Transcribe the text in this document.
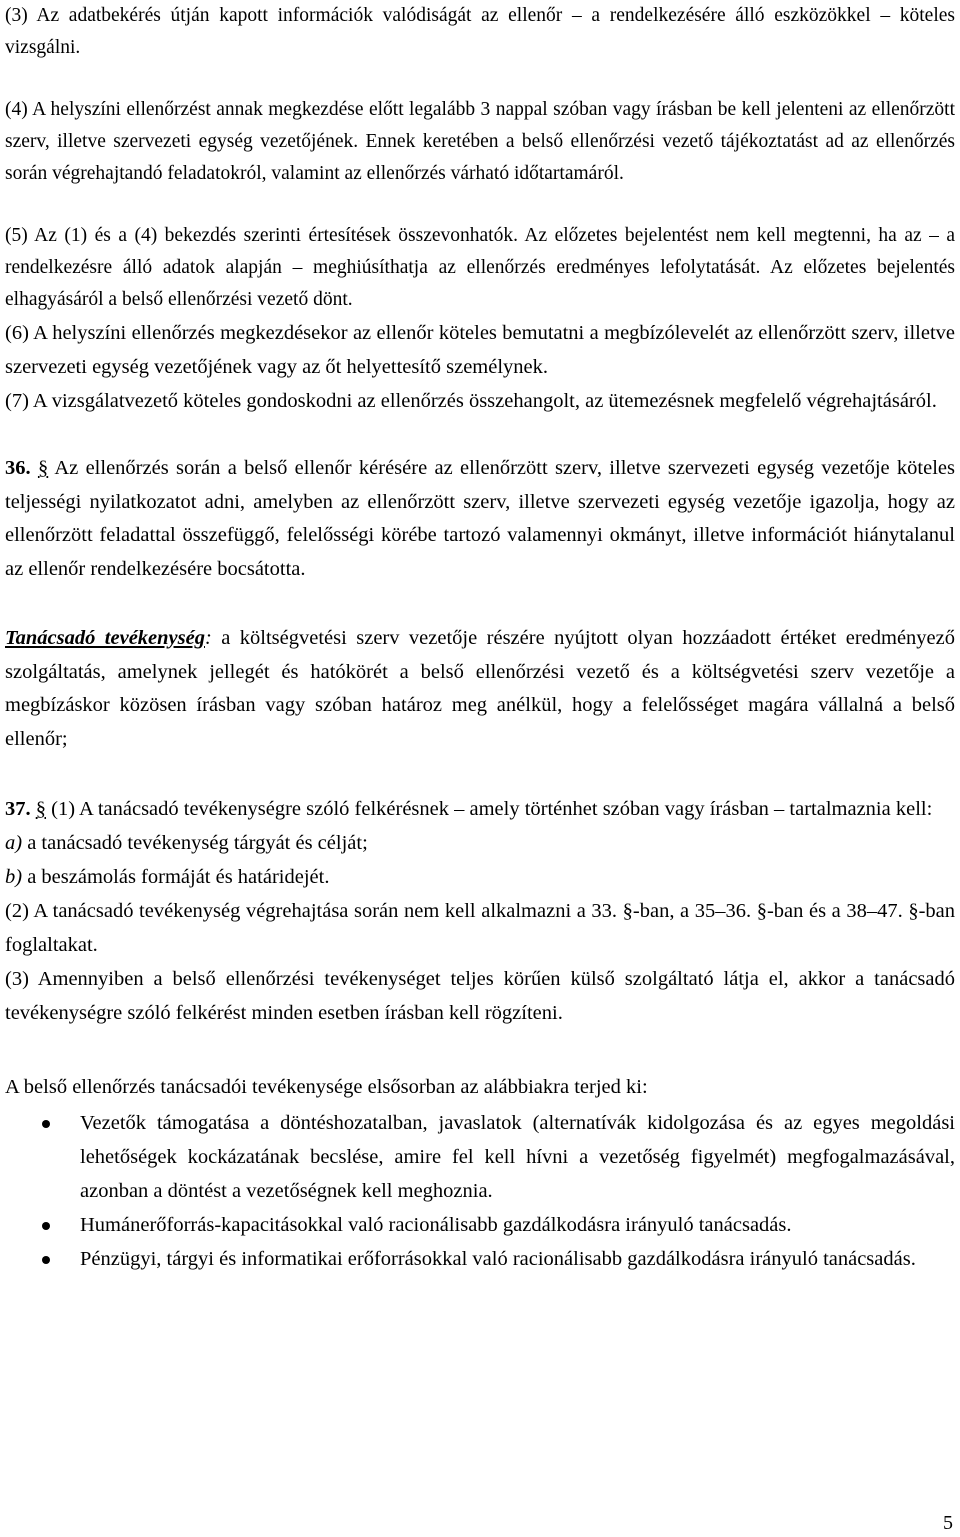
(3) Az adatbekérés útján kapott információk valódiságát az ellenőr – a rendelkezésére álló eszközökkel – köteles vizsgálni.

(4) A helyszíni ellenőrzést annak megkezdése előtt legalább 3 nappal szóban vagy írásban be kell jelenteni az ellenőrzött szerv, illetve szervezeti egység vezetőjének. Ennek keretében a belső ellenőrzési vezető tájékoztatást ad az ellenőrzés során végrehajtandó feladatokról, valamint az ellenőrzés várható időtartamáról.

(5) Az (1) és a (4) bekezdés szerinti értesítések összevonhatók. Az előzetes bejelentést nem kell megtenni, ha az – a rendelkezésre álló adatok alapján – meghiúsíthatja az ellenőrzés eredményes lefolytatását. Az előzetes bejelentés elhagyásáról a belső ellenőrzési vezető dönt.

(6) A helyszíni ellenőrzés megkezdésekor az ellenőr köteles bemutatni a megbízólevelét az ellenőrzött szerv, illetve szervezeti egység vezetőjének vagy az őt helyettesítő személynek.

(7) A vizsgálatvezető köteles gondoskodni az ellenőrzés összehangolt, az ütemezésnek megfelelő végrehajtásáról.

36. § Az ellenőrzés során a belső ellenőr kérésére az ellenőrzött szerv, illetve szervezeti egység vezetője köteles teljességi nyilatkozatot adni, amelyben az ellenőrzött szerv, illetve szervezeti egység vezetője igazolja, hogy az ellenőrzött feladattal összefüggő, felelősségi körébe tartozó valamennyi okmányt, illetve információt hiánytalanul az ellenőr rendelkezésére bocsátotta.

Tanácsadó tevékenység: a költségvetési szerv vezetője részére nyújtott olyan hozzáadott értéket eredményező szolgáltatás, amelynek jellegét és hatókörét a belső ellenőrzési vezető és a költségvetési szerv vezetője a megbízáskor közösen írásban vagy szóban határoz meg anélkül, hogy a felelősséget magára vállalná a belső ellenőr;

37. § (1) A tanácsadó tevékenységre szóló felkérésnek – amely történhet szóban vagy írásban – tartalmaznia kell:

a) a tanácsadó tevékenység tárgyát és célját;

b) a beszámolás formáját és határidejét.

(2) A tanácsadó tevékenység végrehajtása során nem kell alkalmazni a 33. §-ban, a 35–36. §-ban és a 38–47. §-ban foglaltakat.

(3) Amennyiben a belső ellenőrzési tevékenységet teljes körűen külső szolgáltató látja el, akkor a tanácsadó tevékenységre szóló felkérést minden esetben írásban kell rögzíteni.

A belső ellenőrzés tanácsadói tevékenysége elsősorban az alábbiakra terjed ki:

Vezetők támogatása a döntéshozatalban, javaslatok (alternatívák kidolgozása és az egyes megoldási lehetőségek kockázatának becslése, amire fel kell hívni a vezetőség figyelmét) megfogalmazásával, azonban a döntést a vezetőségnek kell meghoznia.
Humánerőforrás-kapacitásokkal való racionálisabb gazdálkodásra irányuló tanácsadás.
Pénzügyi, tárgyi és informatikai erőforrásokkal való racionálisabb gazdálkodásra irányuló tanácsadás.
5
